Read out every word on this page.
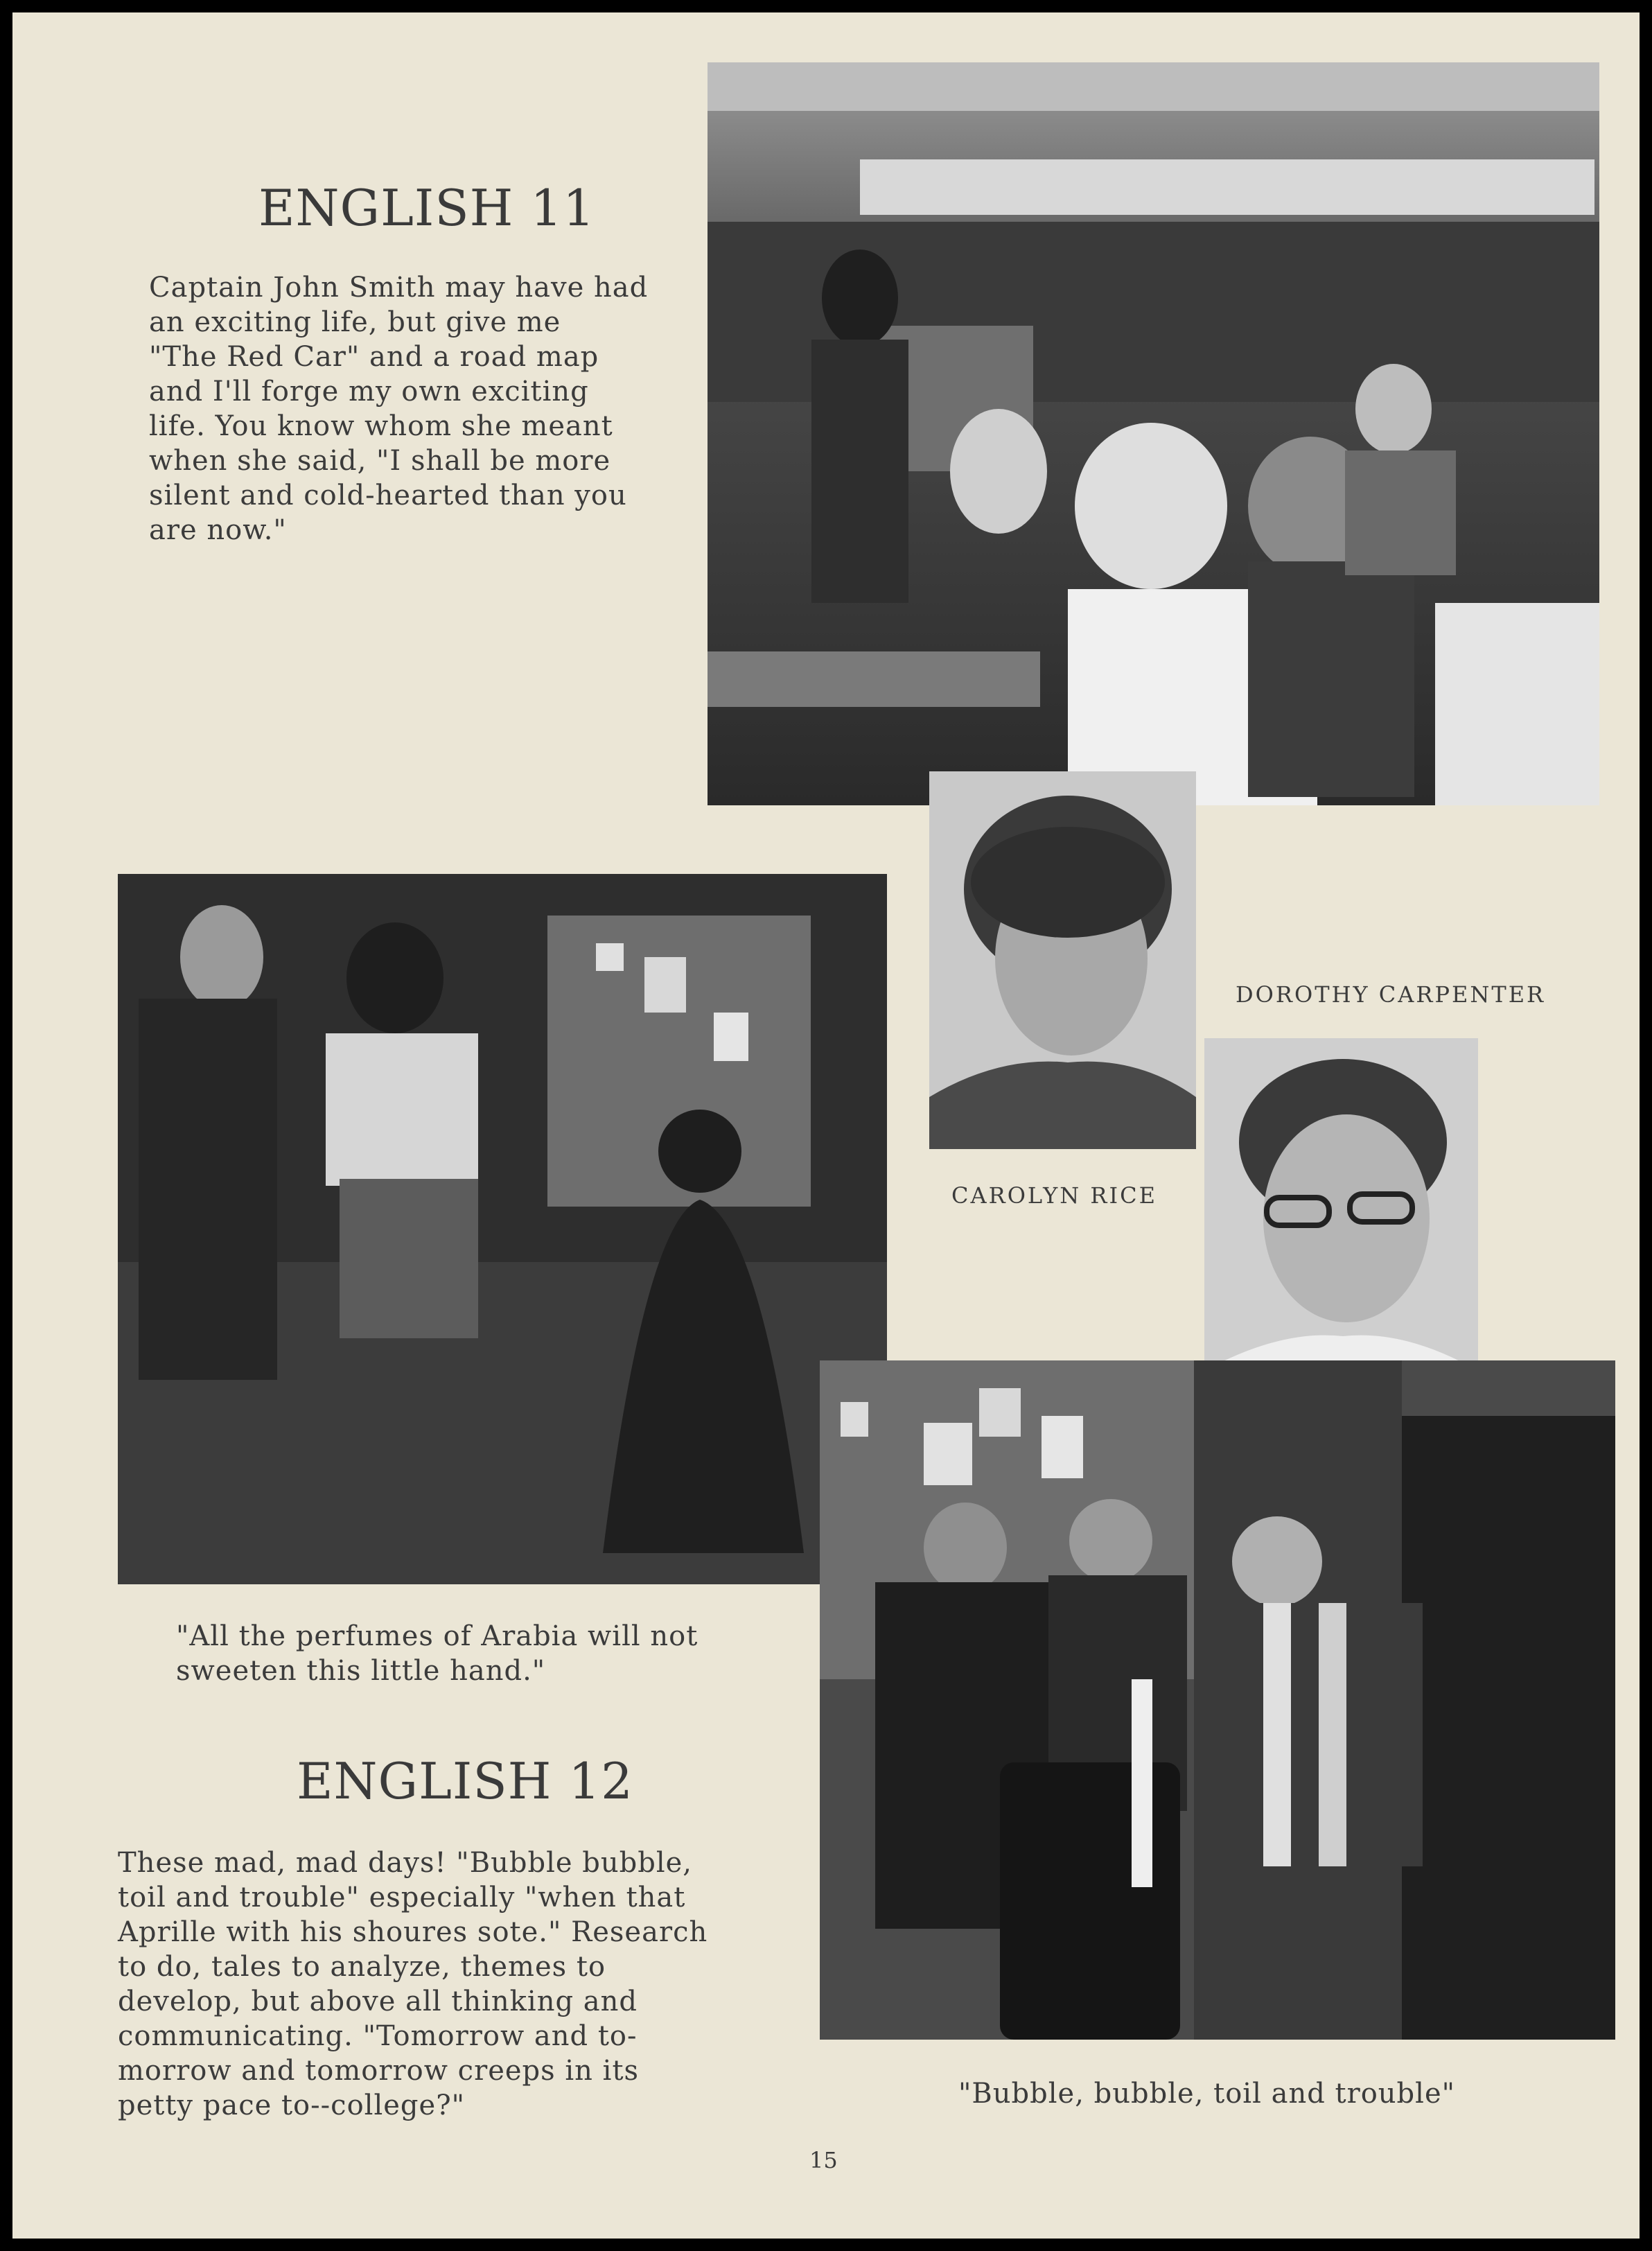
ENGLISH 11
Captain John Smith may have had
an exciting life, but give me
"The Red Car" and a road map
and I'll forge my own exciting
life. You know whom she meant
when she said, "I shall be more
silent and cold-hearted than you
are now."
DOROTHY CARPENTER
CAROLYN RICE
"All the perfumes of Arabia will not
sweeten this little hand."
ENGLISH 12
These mad, mad days! "Bubble bubble,
toil and trouble" especially "when that
Aprille with his shoures sote." Research
to do, tales to analyze, themes to
develop, but above all thinking and
communicating. "Tomorrow and to-
morrow and tomorrow creeps in its
petty pace to--college?"	"Bubble, bubble, toil and trouble"
15
